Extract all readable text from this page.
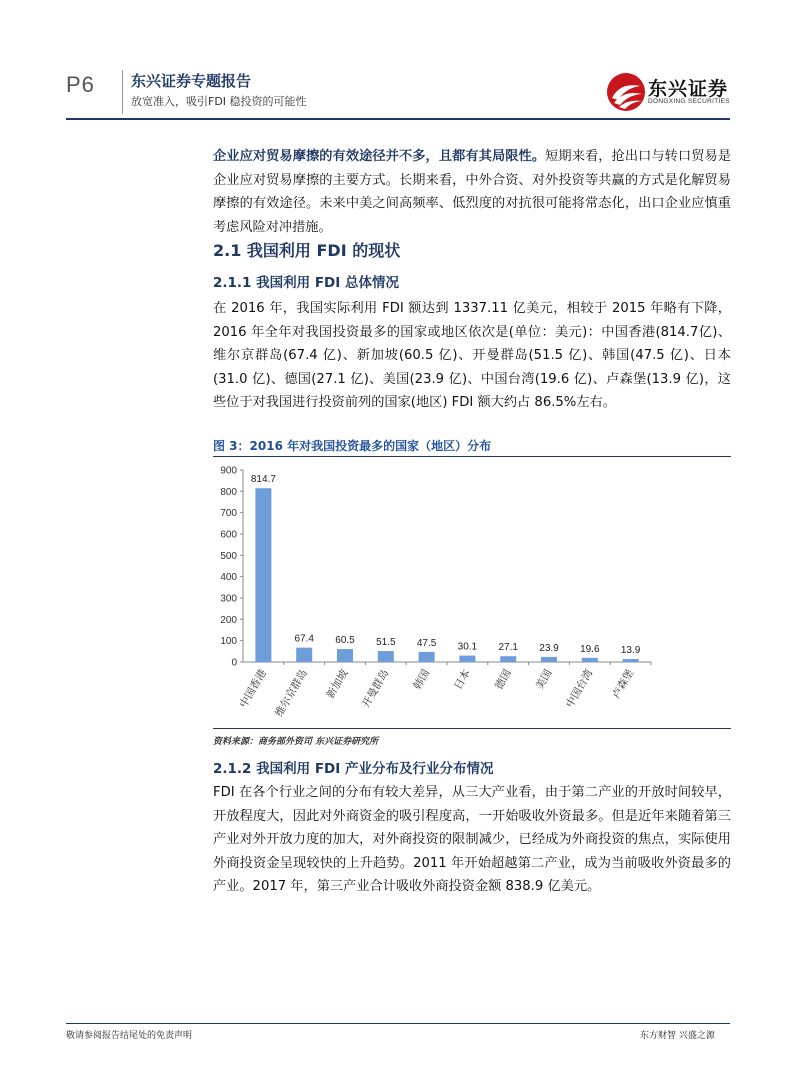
P6 东兴证券专题报告
放宽准入，吸引FDI 稳投资的可能性
东兴证券
DONGXING SECURITIES
企业应对贸易摩擦的有效途径并不多，且都有其局限性。短期来看，抢出口与转口贸易是企业应对贸易摩擦的主要方式。长期来看，中外合资、对外投资等共赢的方式是化解贸易摩擦的有效途径。未来中美之间高频率、低烈度的对抗很可能将常态化，出口企业应慎重考虑风险对冲措施。
2.1 我国利用 FDI 的现状
2.1.1 我国利用 FDI 总体情况
在 2016 年，我国实际利用 FDI 额达到 1337.11 亿美元，相较于 2015 年略有下降，2016 年全年对我国投资最多的国家或地区依次是(单位：美元)：中国香港(814.7亿)、维尔京群岛(67.4 亿)、新加坡(60.5 亿)、开曼群岛(51.5 亿)、韩国(47.5 亿)、日本(31.0 亿)、德国(27.1 亿)、美国(23.9 亿)、中国台湾(19.6 亿)、卢森堡(13.9 亿)，这些位于对我国进行投资前列的国家(地区) FDI 额大约占 86.5%左右。
图 3：2016 年对我国投资最多的国家（地区）分布
0
100
200
300
400
500
600
700
800
900
814.7
中国香港
67.4
维尔京群岛
60.5
新加坡
51.5
开曼群岛
47.5
韩国
30.1
日本
27.1
德国
23.9
美国
19.6
中国台湾
13.9
卢森堡
资料来源：商务部外资司 东兴证券研究所
2.1.2 我国利用 FDI 产业分布及行业分布情况
FDI 在各个行业之间的分布有较大差异，从三大产业看，由于第二产业的开放时间较早，开放程度大，因此对外商资金的吸引程度高，一开始吸收外资最多。但是近年来随着第三产业对外开放力度的加大，对外商投资的限制减少，已经成为外商投资的焦点，实际使用外商投资金呈现较快的上升趋势。2011 年开始超越第二产业，成为当前吸收外资最多的产业。2017 年，第三产业合计吸收外商投资金额 838.9 亿美元。
敬请参阅报告结尾处的免责声明	东方财智 兴盛之源
